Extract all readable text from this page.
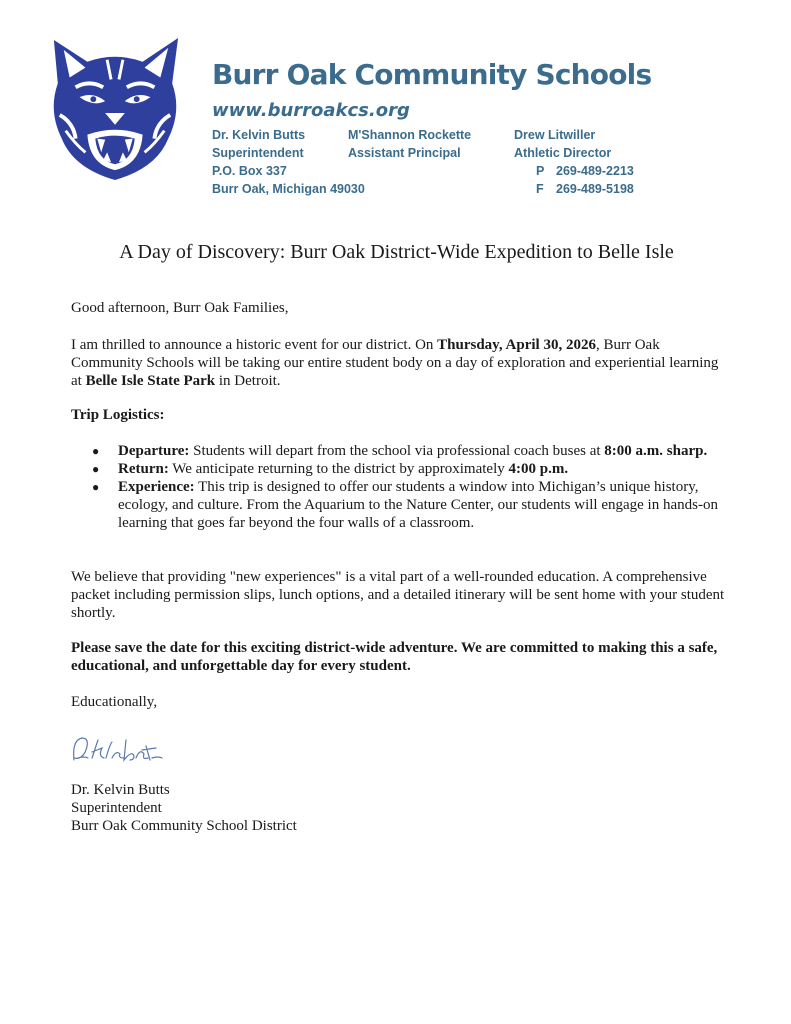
Burr Oak Community Schools
www.burroakcs.org
Dr. Kelvin Butts
Superintendent
P.O. Box 337
Burr Oak, Michigan 49030
M'Shannon Rockette
Assistant Principal
Drew Litwiller
Athletic Director
P 269-489-2213
F 269-489-5198
A Day of Discovery: Burr Oak District-Wide Expedition to Belle Isle

Good afternoon, Burr Oak Families,

I am thrilled to announce a historic event for our district. On Thursday, April 30, 2026, Burr Oak Community Schools will be taking our entire student body on a day of exploration and experiential learning at Belle Isle State Park in Detroit.

Trip Logistics:

● Departure: Students will depart from the school via professional coach buses at 8:00 a.m. sharp.
● Return: We anticipate returning to the district by approximately 4:00 p.m.
● Experience: This trip is designed to offer our students a window into Michigan’s unique history, ecology, and culture. From the Aquarium to the Nature Center, our students will engage in hands-on learning that goes far beyond the four walls of a classroom.

We believe that providing "new experiences" is a vital part of a well-rounded education. A comprehensive packet including permission slips, lunch options, and a detailed itinerary will be sent home with your student shortly.

Please save the date for this exciting district-wide adventure. We are committed to making this a safe, educational, and unforgettable day for every student.

Educationally,

Dr. Kelvin Butts
Superintendent
Burr Oak Community School District
